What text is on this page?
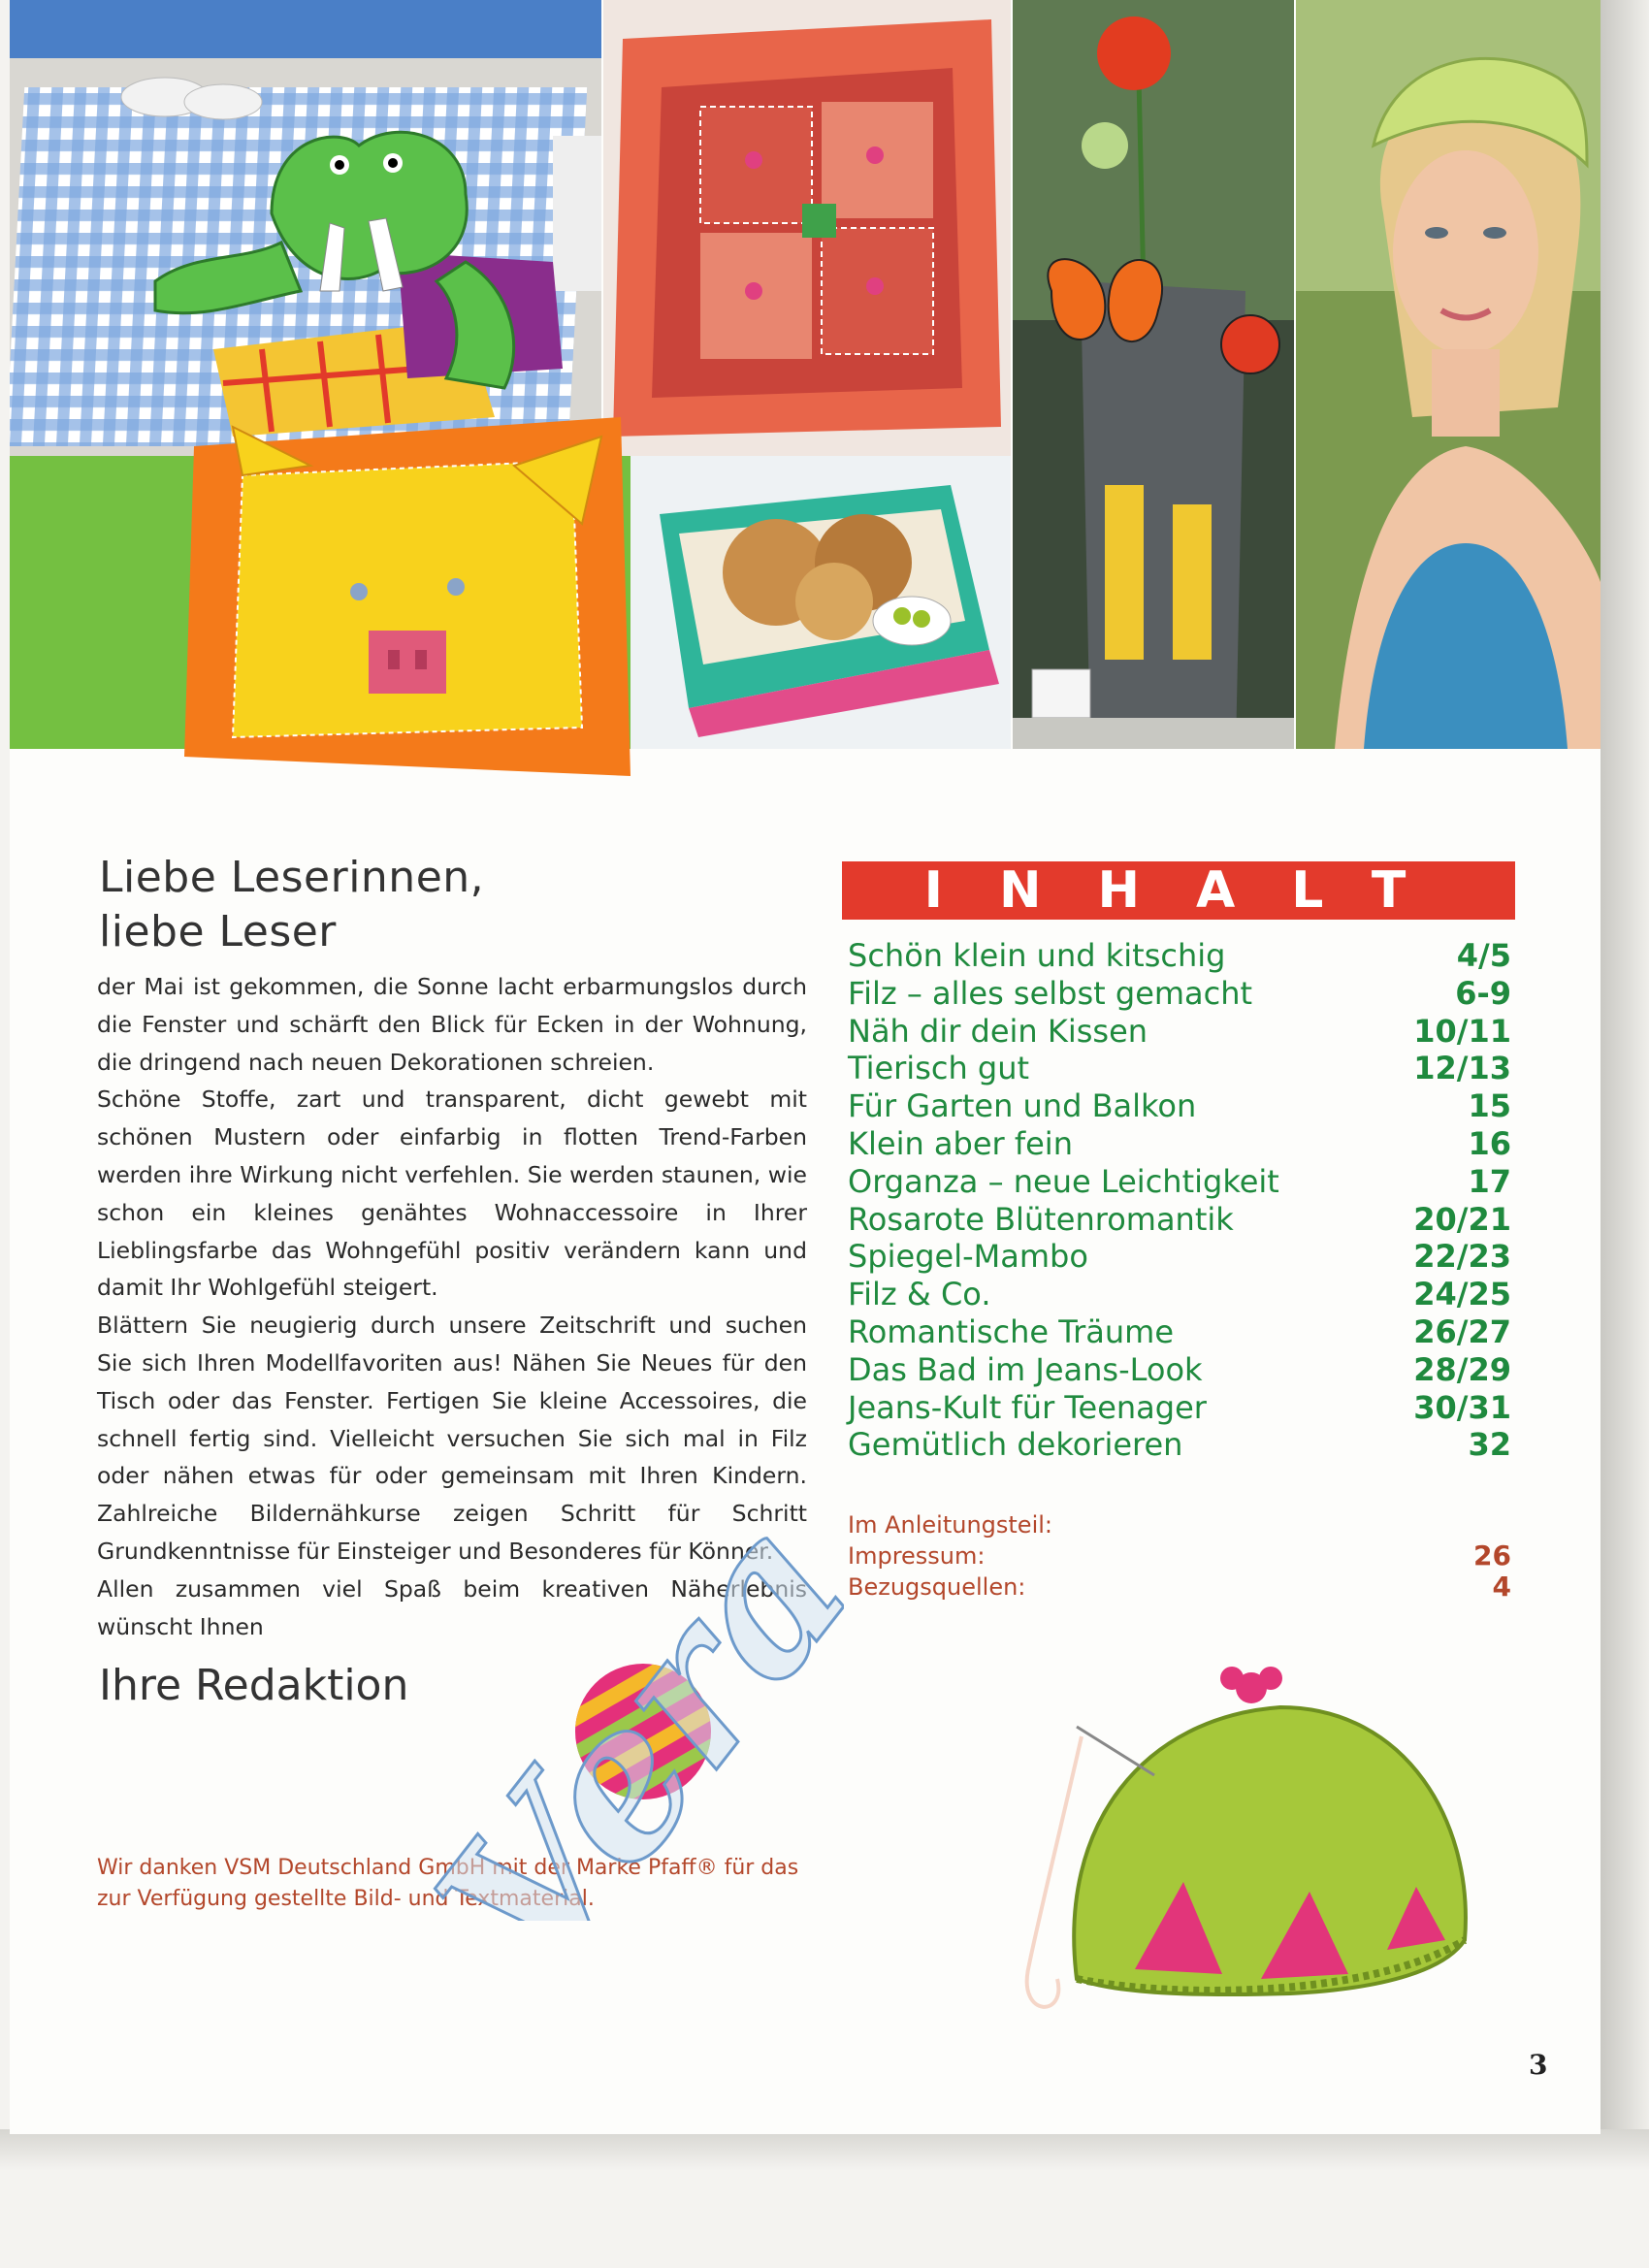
Liebe Leserinnen,
liebe Leser

der Mai ist gekommen, die Sonne lacht erbarmungslos durch die Fenster und schärft den Blick für Ecken in der Wohnung, die dringend nach neuen Dekorationen schreien.

Schöne Stoffe, zart und transparent, dicht gewebt mit schönen Mustern oder einfarbig in flotten Trend-Farben werden ihre Wirkung nicht verfehlen. Sie werden staunen, wie schon ein kleines genähtes Wohnaccessoire in Ihrer Lieblingsfarbe das Wohngefühl positiv verändern kann und damit Ihr Wohlgefühl steigert.

Blättern Sie neugierig durch unsere Zeitschrift und suchen Sie sich Ihren Modellfavoriten aus! Nähen Sie Neues für den Tisch oder das Fenster. Fertigen Sie kleine Accessoires, die schnell fertig sind. Vielleicht versuchen Sie sich mal in Filz oder nähen etwas für oder gemeinsam mit Ihren Kindern. Zahlreiche Bildernähkurse zeigen Schritt für Schritt Grundkenntnisse für Einsteiger und Besonderes für Könner.

Allen zusammen viel Spaß beim kreativen Näherlebnis wünscht Ihnen

Ihre Redaktion
Wir danken VSM Deutschland GmbH mit der Marke Pfaff® für das zur Verfügung gestellte Bild- und Textmaterial.
INHALT
Schön klein und kitschig	4/5
Filz – alles selbst gemacht	6-9
Näh dir dein Kissen	10/11
Tierisch gut	12/13
Für Garten und Balkon	15
Klein aber fein	16
Organza – neue Leichtigkeit	17
Rosarote Blütenromantik	20/21
Spiegel-Mambo	22/23
Filz & Co.	24/25
Romantische Träume	26/27
Das Bad im Jeans-Look	28/29
Jeans-Kult für Teenager	30/31
Gemütlich dekorieren	32
Im Anleitungsteil:
Impressum:	26
Bezugsquellen:	4
Vera
3
